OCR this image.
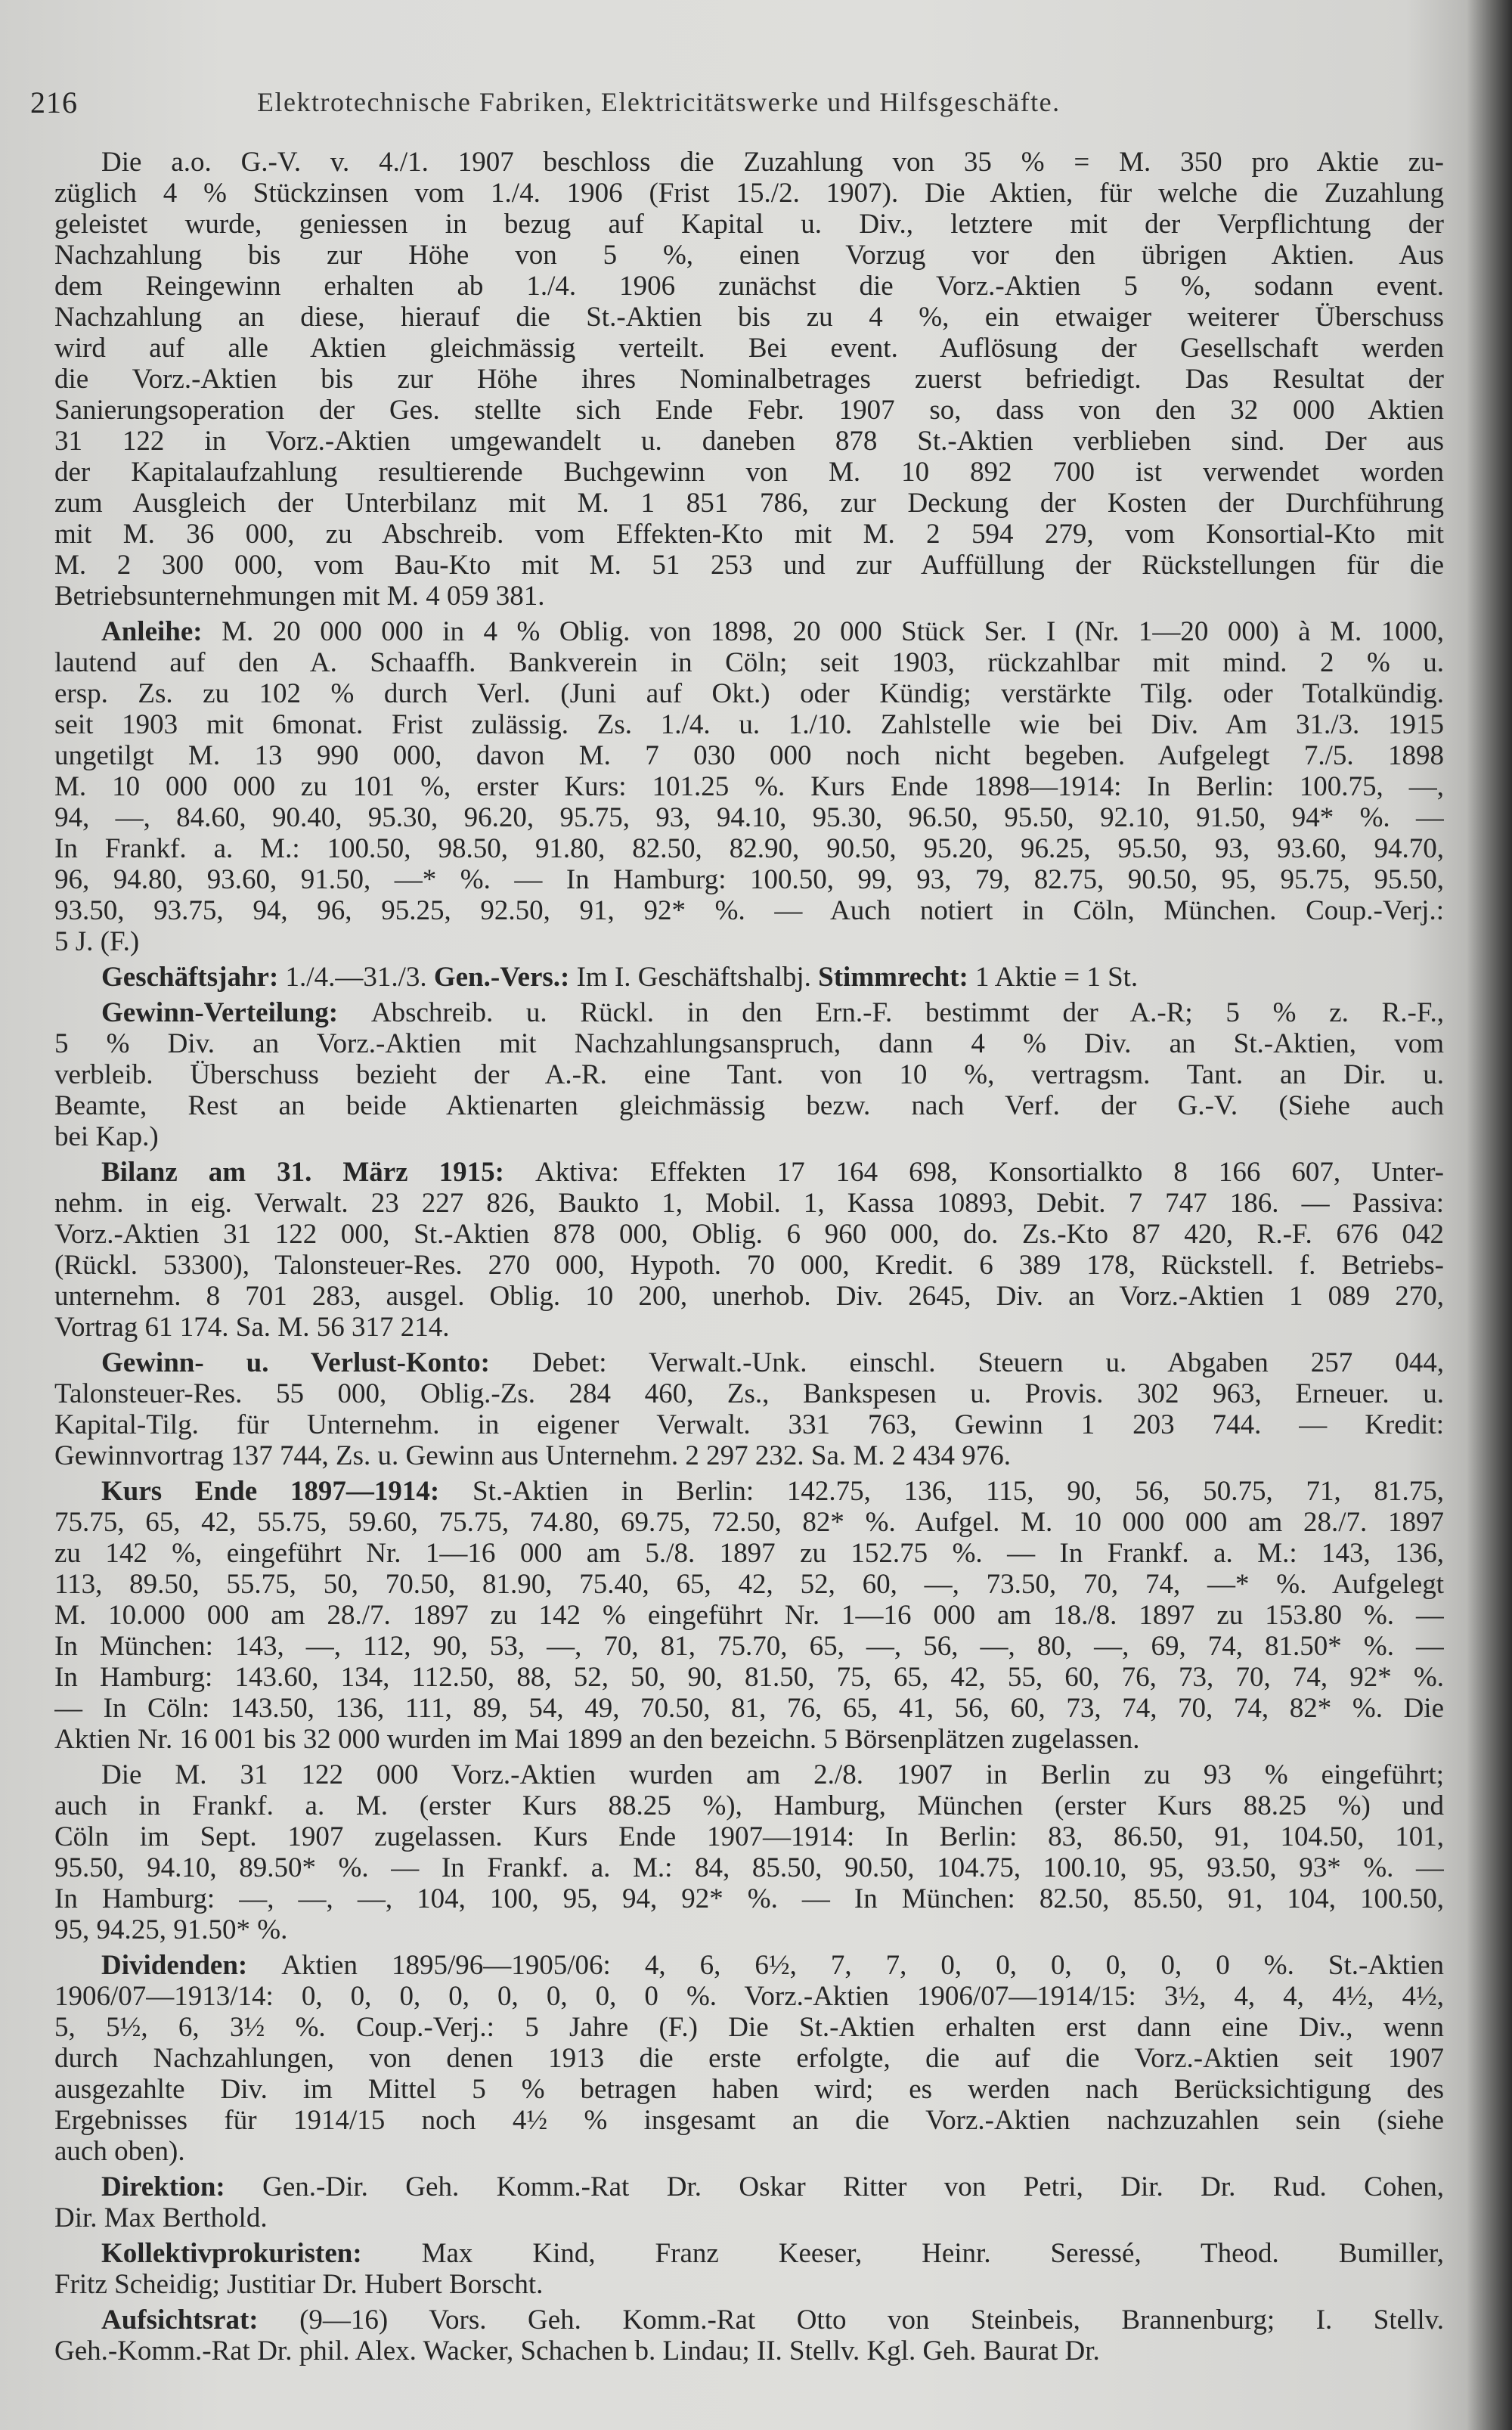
216	Elektrotechnische Fabriken, Elektricitätswerke und Hilfsgeschäfte.
Die a.o. G.-V. v. 4./1. 1907 beschloss die Zuzahlung von 35 % = M. 350 pro Aktie zu-
züglich 4 % Stückzinsen vom 1./4. 1906 (Frist 15./2. 1907). Die Aktien, für welche die Zuzahlung
geleistet wurde, geniessen in bezug auf Kapital u. Div., letztere mit der Verpflichtung der
Nachzahlung bis zur Höhe von 5 %, einen Vorzug vor den übrigen Aktien. Aus
dem Reingewinn erhalten ab 1./4. 1906 zunächst die Vorz.-Aktien 5 %, sodann event.
Nachzahlung an diese, hierauf die St.-Aktien bis zu 4 %, ein etwaiger weiterer Überschuss
wird auf alle Aktien gleichmässig verteilt. Bei event. Auflösung der Gesellschaft werden
die Vorz.-Aktien bis zur Höhe ihres Nominalbetrages zuerst befriedigt. Das Resultat der
Sanierungsoperation der Ges. stellte sich Ende Febr. 1907 so, dass von den 32 000 Aktien
31 122 in Vorz.-Aktien umgewandelt u. daneben 878 St.-Aktien verblieben sind. Der aus
der Kapitalaufzahlung resultierende Buchgewinn von M. 10 892 700 ist verwendet worden
zum Ausgleich der Unterbilanz mit M. 1 851 786, zur Deckung der Kosten der Durchführung
mit M. 36 000, zu Abschreib. vom Effekten-Kto mit M. 2 594 279, vom Konsortial-Kto mit
M. 2 300 000, vom Bau-Kto mit M. 51 253 und zur Auffüllung der Rückstellungen für die
Betriebsunternehmungen mit M. 4 059 381.
Anleihe: M. 20 000 000 in 4 % Oblig. von 1898, 20 000 Stück Ser. I (Nr. 1—20 000) à M. 1000,
lautend auf den A. Schaaffh. Bankverein in Cöln; seit 1903, rückzahlbar mit mind. 2 % u.
ersp. Zs. zu 102 % durch Verl. (Juni auf Okt.) oder Kündig; verstärkte Tilg. oder Totalkündig.
seit 1903 mit 6monat. Frist zulässig. Zs. 1./4. u. 1./10. Zahlstelle wie bei Div. Am 31./3. 1915
ungetilgt M. 13 990 000, davon M. 7 030 000 noch nicht begeben. Aufgelegt 7./5. 1898
M. 10 000 000 zu 101 %, erster Kurs: 101.25 %. Kurs Ende 1898—1914: In Berlin: 100.75, —,
94, —, 84.60, 90.40, 95.30, 96.20, 95.75, 93, 94.10, 95.30, 96.50, 95.50, 92.10, 91.50, 94* %. —
In Frankf. a. M.: 100.50, 98.50, 91.80, 82.50, 82.90, 90.50, 95.20, 96.25, 95.50, 93, 93.60, 94.70,
96, 94.80, 93.60, 91.50, —* %. — In Hamburg: 100.50, 99, 93, 79, 82.75, 90.50, 95, 95.75, 95.50,
93.50, 93.75, 94, 96, 95.25, 92.50, 91, 92* %. — Auch notiert in Cöln, München. Coup.-Verj.:
5 J. (F.)
Geschäftsjahr: 1./4.—31./3. Gen.-Vers.: Im I. Geschäftshalbj. Stimmrecht: 1 Aktie = 1 St.
Gewinn-Verteilung: Abschreib. u. Rückl. in den Ern.-F. bestimmt der A.-R; 5 % z. R.-F.,
5 % Div. an Vorz.-Aktien mit Nachzahlungsanspruch, dann 4 % Div. an St.-Aktien, vom
verbleib. Überschuss bezieht der A.-R. eine Tant. von 10 %, vertragsm. Tant. an Dir. u.
Beamte, Rest an beide Aktienarten gleichmässig bezw. nach Verf. der G.-V. (Siehe auch
bei Kap.)
Bilanz am 31. März 1915: Aktiva: Effekten 17 164 698, Konsortialkto 8 166 607, Unter-
nehm. in eig. Verwalt. 23 227 826, Baukto 1, Mobil. 1, Kassa 10893, Debit. 7 747 186. — Passiva:
Vorz.-Aktien 31 122 000, St.-Aktien 878 000, Oblig. 6 960 000, do. Zs.-Kto 87 420, R.-F. 676 042
(Rückl. 53300), Talonsteuer-Res. 270 000, Hypoth. 70 000, Kredit. 6 389 178, Rückstell. f. Betriebs-
unternehm. 8 701 283, ausgel. Oblig. 10 200, unerhob. Div. 2645, Div. an Vorz.-Aktien 1 089 270,
Vortrag 61 174. Sa. M. 56 317 214.
Gewinn- u. Verlust-Konto: Debet: Verwalt.-Unk. einschl. Steuern u. Abgaben 257 044,
Talonsteuer-Res. 55 000, Oblig.-Zs. 284 460, Zs., Bankspesen u. Provis. 302 963, Erneuer. u.
Kapital-Tilg. für Unternehm. in eigener Verwalt. 331 763, Gewinn 1 203 744. — Kredit:
Gewinnvortrag 137 744, Zs. u. Gewinn aus Unternehm. 2 297 232. Sa. M. 2 434 976.
Kurs Ende 1897—1914: St.-Aktien in Berlin: 142.75, 136, 115, 90, 56, 50.75, 71, 81.75,
75.75, 65, 42, 55.75, 59.60, 75.75, 74.80, 69.75, 72.50, 82* %. Aufgel. M. 10 000 000 am 28./7. 1897
zu 142 %, eingeführt Nr. 1—16 000 am 5./8. 1897 zu 152.75 %. — In Frankf. a. M.: 143, 136,
113, 89.50, 55.75, 50, 70.50, 81.90, 75.40, 65, 42, 52, 60, —, 73.50, 70, 74, —* %. Aufgelegt
M. 10.000 000 am 28./7. 1897 zu 142 % eingeführt Nr. 1—16 000 am 18./8. 1897 zu 153.80 %. —
In München: 143, —, 112, 90, 53, —, 70, 81, 75.70, 65, —, 56, —, 80, —, 69, 74, 81.50* %. —
In Hamburg: 143.60, 134, 112.50, 88, 52, 50, 90, 81.50, 75, 65, 42, 55, 60, 76, 73, 70, 74, 92* %.
— In Cöln: 143.50, 136, 111, 89, 54, 49, 70.50, 81, 76, 65, 41, 56, 60, 73, 74, 70, 74, 82* %. Die
Aktien Nr. 16 001 bis 32 000 wurden im Mai 1899 an den bezeichn. 5 Börsenplätzen zugelassen.
Die M. 31 122 000 Vorz.-Aktien wurden am 2./8. 1907 in Berlin zu 93 % eingeführt;
auch in Frankf. a. M. (erster Kurs 88.25 %), Hamburg, München (erster Kurs 88.25 %) und
Cöln im Sept. 1907 zugelassen. Kurs Ende 1907—1914: In Berlin: 83, 86.50, 91, 104.50, 101,
95.50, 94.10, 89.50* %. — In Frankf. a. M.: 84, 85.50, 90.50, 104.75, 100.10, 95, 93.50, 93* %. —
In Hamburg: —, —, —, 104, 100, 95, 94, 92* %. — In München: 82.50, 85.50, 91, 104, 100.50,
95, 94.25, 91.50* %.
Dividenden: Aktien 1895/96—1905/06: 4, 6, 6½, 7, 7, 0, 0, 0, 0, 0, 0 %. St.-Aktien
1906/07—1913/14: 0, 0, 0, 0, 0, 0, 0, 0 %. Vorz.-Aktien 1906/07—1914/15: 3½, 4, 4, 4½, 4½,
5, 5½, 6, 3½ %. Coup.-Verj.: 5 Jahre (F.) Die St.-Aktien erhalten erst dann eine Div., wenn
durch Nachzahlungen, von denen 1913 die erste erfolgte, die auf die Vorz.-Aktien seit 1907
ausgezahlte Div. im Mittel 5 % betragen haben wird; es werden nach Berücksichtigung des
Ergebnisses für 1914/15 noch 4½ % insgesamt an die Vorz.-Aktien nachzuzahlen sein (siehe
auch oben).
Direktion: Gen.-Dir. Geh. Komm.-Rat Dr. Oskar Ritter von Petri, Dir. Dr. Rud. Cohen,
Dir. Max Berthold.
Kollektivprokuristen: Max Kind, Franz Keeser, Heinr. Seressé, Theod. Bumiller,
Fritz Scheidig; Justitiar Dr. Hubert Borscht.
Aufsichtsrat: (9—16) Vors. Geh. Komm.-Rat Otto von Steinbeis, Brannenburg; I. Stellv.
Geh.-Komm.-Rat Dr. phil. Alex. Wacker, Schachen b. Lindau; II. Stellv. Kgl. Geh. Baurat Dr.
